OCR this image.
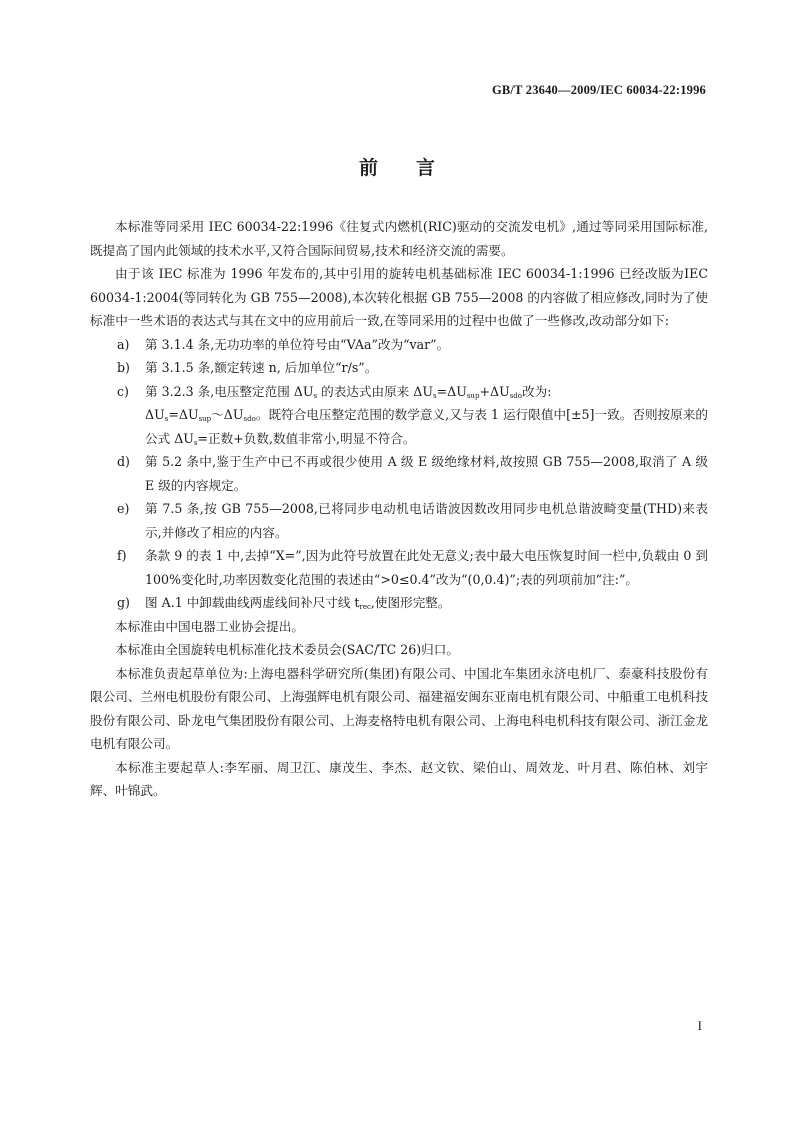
GB/T 23640—2009/IEC 60034-22:1996
前　　言

本标准等同采用 IEC 60034-22:1996《往复式内燃机(RIC)驱动的交流发电机》,通过等同采用国际标准,既提高了国内此领域的技术水平,又符合国际间贸易,技术和经济交流的需要。

由于该 IEC 标准为 1996 年发布的,其中引用的旋转电机基础标准 IEC 60034-1:1996 已经改版为IEC 60034-1:2004(等同转化为 GB 755—2008),本次转化根据 GB 755—2008 的内容做了相应修改,同时为了使标准中一些术语的表达式与其在文中的应用前后一致,在等同采用的过程中也做了一些修改,改动部分如下:

a) 第 3.1.4 条,无功功率的单位符号由“VAa”改为“var”。

b) 第 3.1.5 条,额定转速 n, 后加单位“r/s”。

c) 第 3.2.3 条,电压整定范围 $\Delta U_s$ 的表达式由原来 $\Delta U_s=\Delta U_{sup}+\Delta U_{sdo}$改为:
$\Delta U_s=\Delta U_{sup}\sim\Delta U_{sdo}$。既符合电压整定范围的数学意义,又与表 1 运行限值中[±5]一致。否则按原来的公式 $\Delta U_s=$正数+负数,数值非常小,明显不符合。

d) 第 5.2 条中,鉴于生产中已不再或很少使用 A 级 E 级绝缘材料,故按照 GB 755—2008,取消了 A 级 E 级的内容规定。

e) 第 7.5 条,按 GB 755—2008,已将同步电动机电话谐波因数改用同步电机总谐波畸变量(THD)来表示,并修改了相应的内容。

f) 条款 9 的表 1 中,去掉“X=”,因为此符号放置在此处无意义;表中最大电压恢复时间一栏中,负载由 0 到 100%变化时,功率因数变化范围的表述由“>0≤0.4”改为“(0,0.4)”;表的列项前加“注:”。

g) 图 A.1 中卸载曲线两虚线间补尺寸线 $t_{rec}$,使图形完整。

本标准由中国电器工业协会提出。

本标准由全国旋转电机标准化技术委员会(SAC/TC 26)归口。

本标准负责起草单位为:上海电器科学研究所(集团)有限公司、中国北车集团永济电机厂、泰豪科技股份有限公司、兰州电机股份有限公司、上海强辉电机有限公司、福建福安闽东亚南电机有限公司、中船重工电机科技股份有限公司、卧龙电气集团股份有限公司、上海麦格特电机有限公司、上海电科电机科技有限公司、浙江金龙电机有限公司。

本标准主要起草人:李军丽、周卫江、康茂生、李杰、赵文钦、梁伯山、周效龙、叶月君、陈伯林、刘宇辉、叶锦武。

I
